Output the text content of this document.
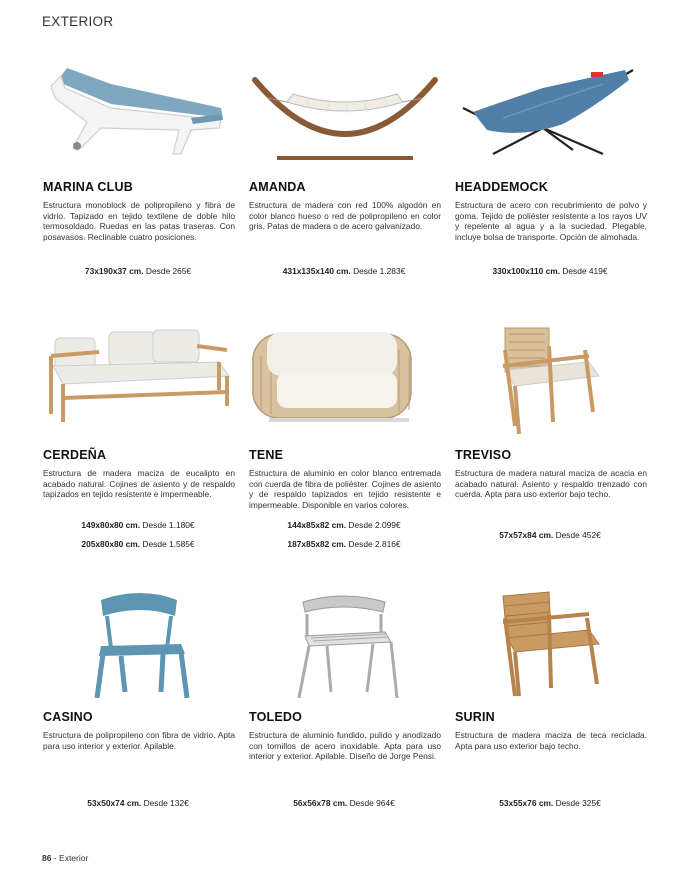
EXTERIOR
MARINA CLUB
Estructura monoblock de polipropileno y fibra de vidrio. Tapizado en tejido textilene de doble hilo termosoldado. Ruedas en las patas traseras. Con posavasos. Reclinable cuatro posiciones.
73x190x37 cm. Desde 265€
AMANDA
Estructura de madera con red 100% algodón en color blanco hueso o red de polipropileno en color gris. Patas de madera o de acero galvanizado.
431x135x140 cm. Desde 1.283€
HEADDEMOCK
Estructura de acero con recubrimiento de polvo y goma. Tejido de poliéster resistente a los rayos UV y repelente al agua y a la suciedad. Plegable, incluye bolsa de transporte. Opción de almohada.
330x100x110 cm. Desde 419€
CERDEÑA
Estructura de madera maciza de eucalipto en acabado natural. Cojines de asiento y de respaldo tapizados en tejido resistente e impermeable.
149x80x80 cm. Desde 1.180€
205x80x80 cm. Desde 1.585€
TENE
Estructura de aluminio en color blanco entremada con cuerda de fibra de poliéster. Cojines de asiento y de respaldo tapizados en tejido resistente e impermeable. Disponible en varios colores.
144x85x82 cm. Desde 2.099€
187x85x82 cm. Desde 2.816€
TREVISO
Estructura de madera natural maciza de acacia en acabado natural. Asiento y respaldo trenzado con cuerda. Apta para uso exterior bajo techo.
57x57x84 cm. Desde 452€
CASINO
Estructura de polipropileno con fibra de vidrio. Apta para uso interior y exterior. Apilable.
53x50x74 cm. Desde 132€
TOLEDO
Estructura de aluminio fundido, pulido y anodizado con tornillos de acero inoxidable. Apta para uso interior y exterior. Apilable. Diseño de Jorge Pensi.
56x56x78 cm. Desde 964€
SURIN
Estructura de madera maciza de teca reciclada. Apta para uso exterior bajo techo.
53x55x76 cm. Desde 325€
86 - Exterior
